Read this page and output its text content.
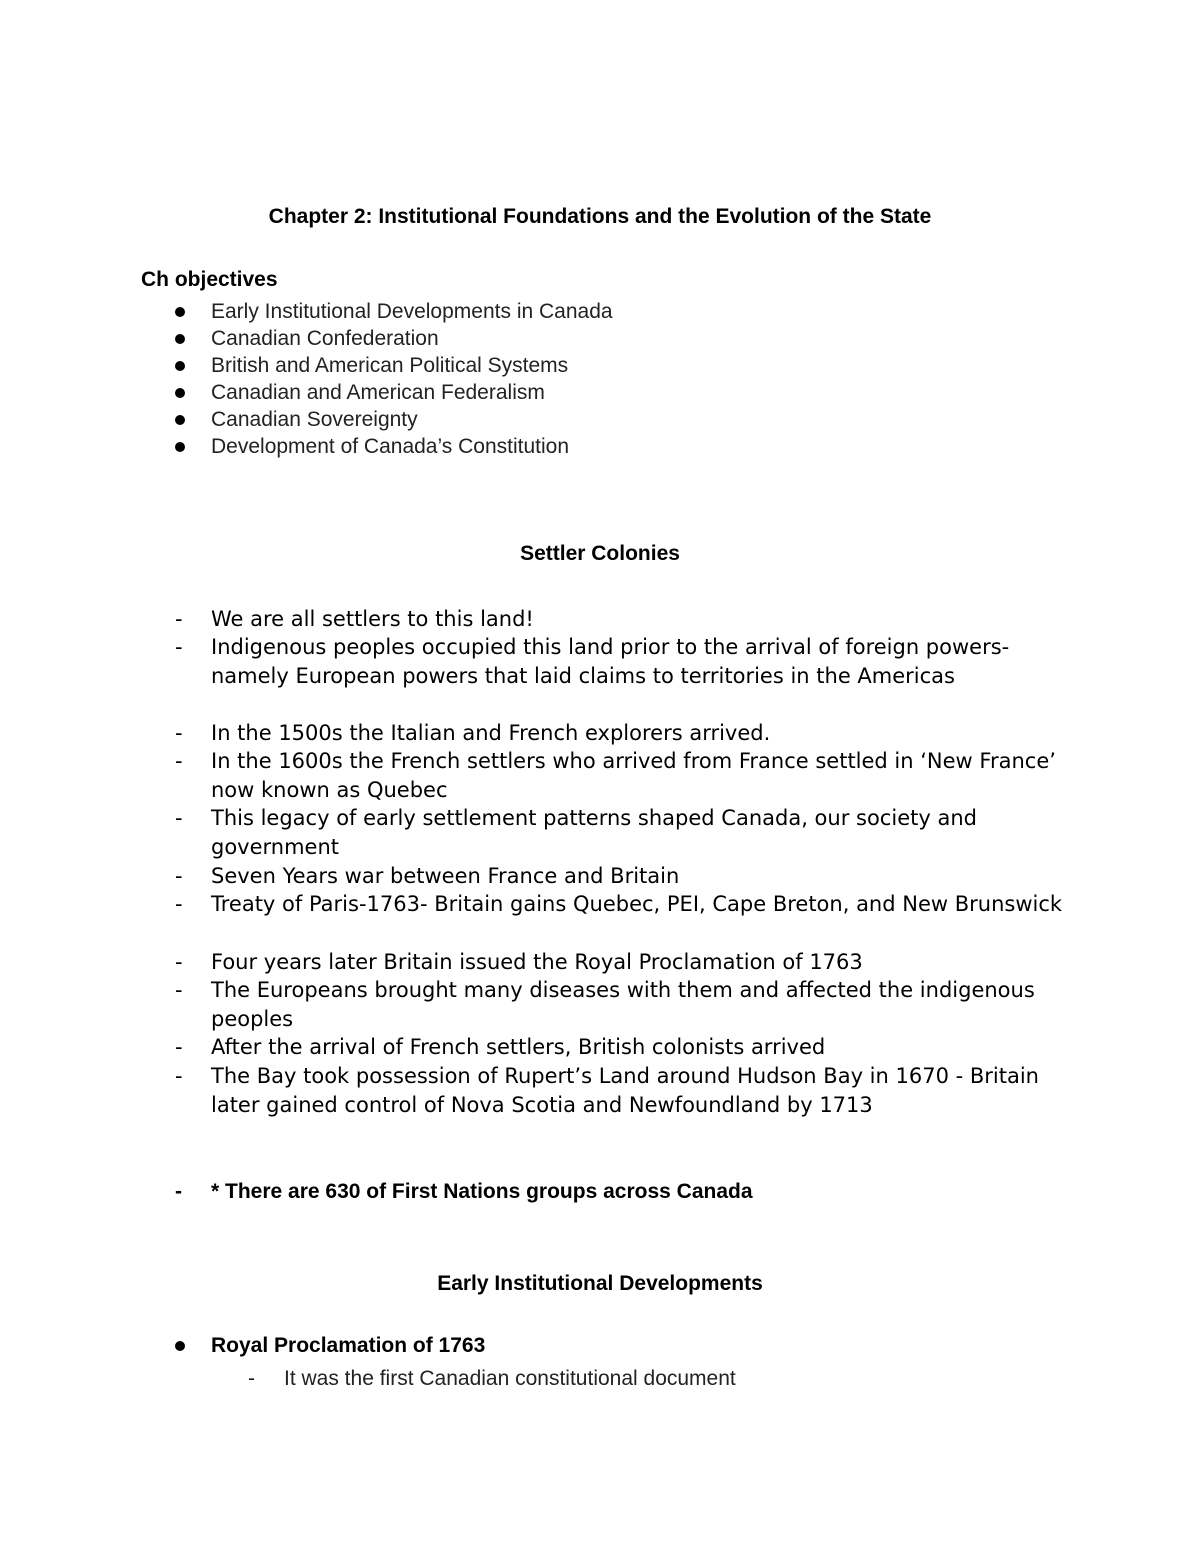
Chapter 2: Institutional Foundations and the Evolution of the State
Ch objectives
Early Institutional Developments in Canada
Canadian Confederation
British and American Political Systems
Canadian and American Federalism
Canadian Sovereignty
Development of Canada’s Constitution
Settler Colonies
- We are all settlers to this land!
- Indigenous peoples occupied this land prior to the arrival of foreign powers- namely European powers that laid claims to territories in the Americas
- In the 1500s the Italian and French explorers arrived.
- In the 1600s the French settlers who arrived from France settled in ‘New France’ now known as Quebec
- This legacy of early settlement patterns shaped Canada, our society and government
- Seven Years war between France and Britain
- Treaty of Paris-1763- Britain gains Quebec, PEI, Cape Breton, and New Brunswick
- Four years later Britain issued the Royal Proclamation of 1763
- The Europeans brought many diseases with them and affected the indigenous peoples
- After the arrival of French settlers, British colonists arrived
- The Bay took possession of Rupert’s Land around Hudson Bay in 1670 - Britain later gained control of Nova Scotia and Newfoundland by 1713
- * There are 630 of First Nations groups across Canada
Early Institutional Developments
Royal Proclamation of 1763
- It was the first Canadian constitutional document
